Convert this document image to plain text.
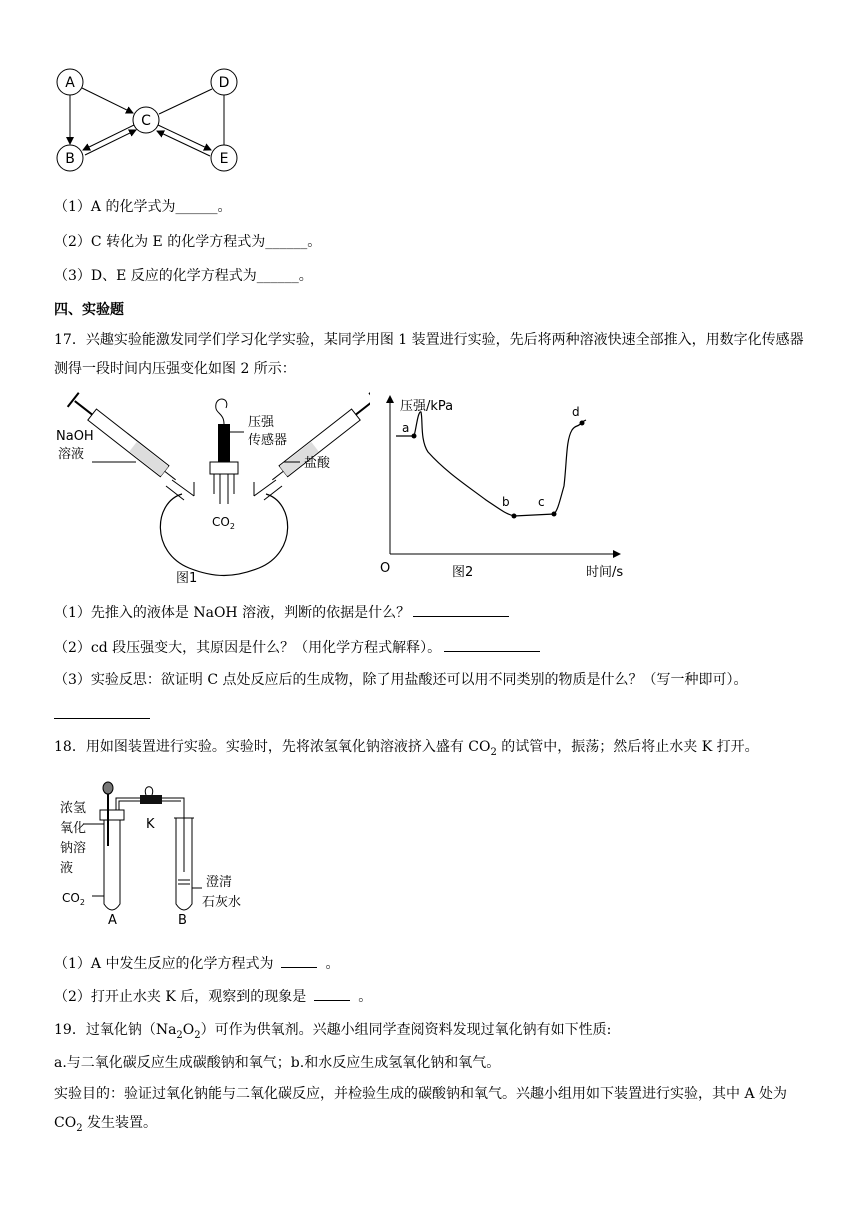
A
B
C
D
E
（1）A 的化学式为______。
（2）C 转化为 E 的化学方程式为______。
（3）D、E 反应的化学方程式为______。
四、实验题
17．兴趣实验能激发同学们学习化学实验，某同学用图 1 装置进行实验，先后将两种溶液快速全部推入，用数字化传感器测得一段时间内压强变化如图 2 所示：
NaOH
溶液
压强
传感器
盐酸
$CO_2$
图1
压强/kPa
O	图2	时间/s
a
b c
d
（1）先推入的液体是 NaOH 溶液，判断的依据是什么？
（2）cd 段压强变大，其原因是什么？（用化学方程式解释）。
（3）实验反思：欲证明 C 点处反应后的生成物，除了用盐酸还可以用不同类别的物质是什么？（写一种即可）。
18．用如图装置进行实验。实验时，先将浓氢氧化钠溶液挤入盛有 $CO_2$ 的试管中，振荡；然后将止水夹 K 打开。
浓氢
氧化
钠溶
液
K
$CO_2$
A	B
澄清
石灰水
（1）A 中发生反应的化学方程式为	。
（2）打开止水夹 K 后，观察到的现象是	。
19．过氧化钠$(Na_2O_2)$可作为供氧剂。兴趣小组同学查阅资料发现过氧化钠有如下性质:
a.与二氧化碳反应生成碳酸钠和氧气；b.和水反应生成氢氧化钠和氧气。
实验目的：验证过氧化钠能与二氧化碳反应，并检验生成的碳酸钠和氧气。兴趣小组用如下装置进行实验，其中 A 处为 $CO_2$ 发生装置。
